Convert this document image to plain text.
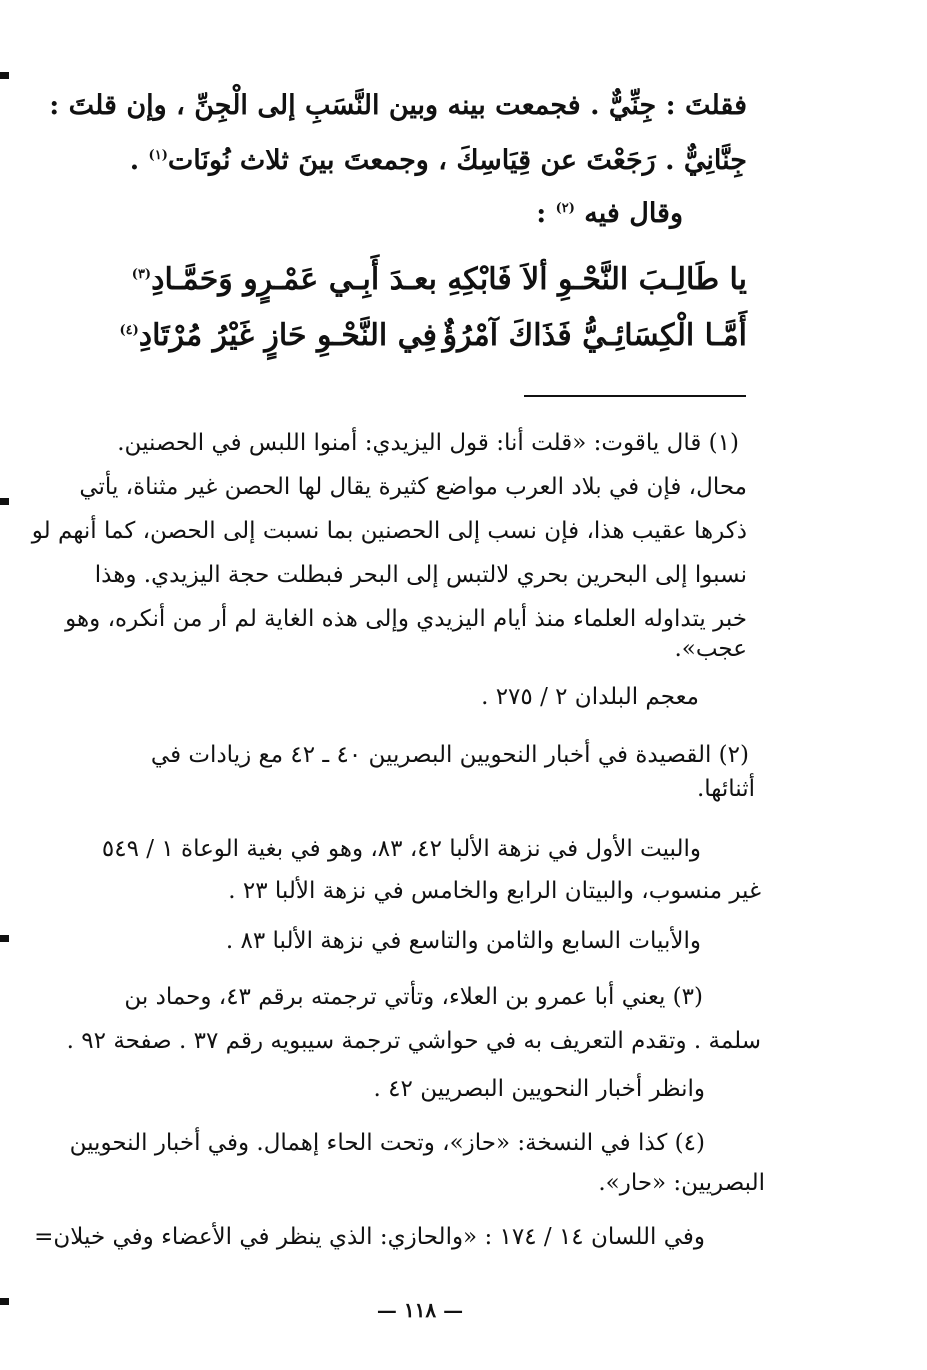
فقلتَ : جِنِّيٌّ . فجمعت بينه وبين النَّسَبِ إلى الْجِنِّ ، وإن قلتَ :
جِنَّانِيٌّ . رَجَعْتَ عن قِيَاسِكَ ، وجمعتَ بينَ ثلاث نُونَات$^{(١)}$ .
وقال فيه $^{(٢)}$ :
يا طَالِـبَ النَّحْـوِ ألاَ فَابْكِهِ
بعـدَ أَبِـي عَمْـرٍو وَحَمَّـادِ$^{(٣)}$
أَمَّـا الْكِسَائِـيُّ فَذَاكَ آمْرُؤٌ
فِي النَّحْـوِ حَازٍ غَيْرُ مُرْتَادِ$^{(٤)}$
(١) قال ياقوت: «قلت أنا: قول اليزيدي: أمنوا اللبس في الحصنين.
محال، فإن في بلاد العرب مواضع كثيرة يقال لها الحصن غير مثناة، يأتي
ذكرها عقيب هذا، فإن نسب إلى الحصنين بما نسبت إلى الحصن، كما أنهم لو
نسبوا إلى البحرين بحري لالتبس إلى البحر فبطلت حجة اليزيدي. وهذا
خبر يتداوله العلماء منذ أيام اليزيدي وإلى هذه الغاية لم أر من أنكره، وهو
عجب».
معجم البلدان ٢ / ٢٧٥ .
(٢) القصيدة في أخبار النحويين البصريين ٤٠ ـ ٤٢ مع زيادات في
أثنائها.
والبيت الأول في نزهة الألبا ٤٢، ٨٣، وهو في بغية الوعاة ١ / ٥٤٩
غير منسوب، والبيتان الرابع والخامس في نزهة الألبا ٢٣ .
والأبيات السابع والثامن والتاسع في نزهة الألبا ٨٣ .
(٣) يعني أبا عمرو بن العلاء، وتأتي ترجمته برقم ٤٣، وحماد بن
سلمة . وتقدم التعريف به في حواشي ترجمة سيبويه رقم ٣٧ . صفحة ٩٢ .
وانظر أخبار النحويين البصريين ٤٢ .
(٤) كذا في النسخة: «حاز»، وتحت الحاء إهمال. وفي أخبار النحويين
البصريين: «حار».
وفي اللسان ١٤ / ١٧٤ : «والحازي: الذي ينظر في الأعضاء وفي خيلان=
— ١١٨ —
